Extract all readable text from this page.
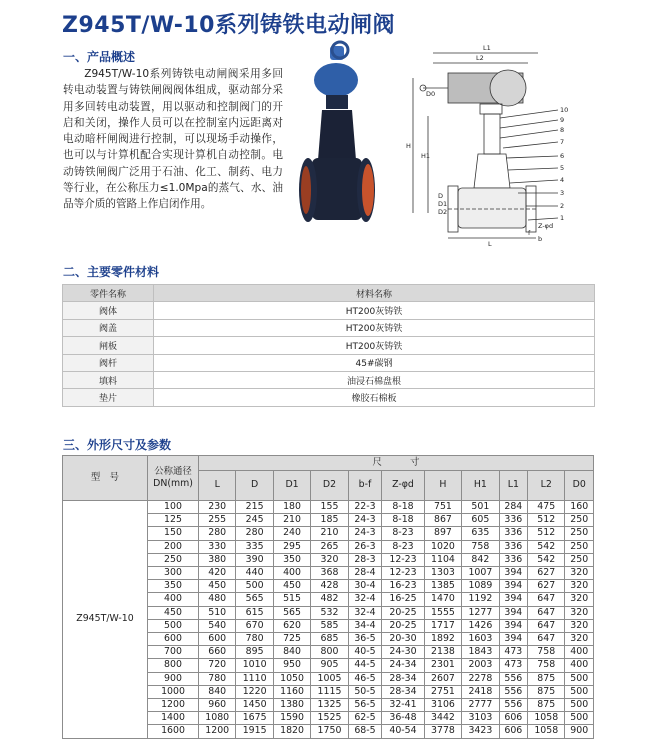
Z945T/W-10系列铸铁电动闸阀
一、产品概述

Z945T/W-10系列铸铁电动闸阀采用多回转电动装置与铸铁闸阀阀体组成，驱动部分采用多回转电动装置，用以驱动和控制阀门的开启和关闭，操作人员可以在控制室内远距离对电动暗杆闸阀进行控制，可以现场手动操作，也可以与计算机配合实现计算机自动控制。电动铸铁闸阀广泛用于石油、化工、制药、电力等行业，在公称压力≤1.0Mpa的蒸气、水、油品等介质的管路上作启闭作用。

L1
L2
D0
H
H1
D
D1
D2
b
f
L
Z-φd
10
9
8
7
6
5
4
3
2
1
二、主要零件材料
零件名称	材料名称
阀体	HT200灰铸铁
阀盖	HT200灰铸铁
闸板	HT200灰铸铁
阀杆	45#碳钢
填料	油浸石棉盘根
垫片	橡胶石棉板
三、外形尺寸及参数
型　号	公称通径DN(mm)	尺　　　寸										
		L	D	D1	D2	b-f	Z-φd	H	H1	L1	L2	D0
Z945T/W-10	100	230	215	180	155	22-3	8-18	751	501	284	475	160
	125	255	245	210	185	24-3	8-18	867	605	336	512	250
	150	280	280	240	210	24-3	8-23	897	635	336	512	250
	200	330	335	295	265	26-3	8-23	1020	758	336	542	250
	250	380	390	350	320	28-3	12-23	1104	842	336	542	250
	300	420	440	400	368	28-4	12-23	1303	1007	394	627	320
	350	450	500	450	428	30-4	16-23	1385	1089	394	627	320
	400	480	565	515	482	32-4	16-25	1470	1192	394	647	320
	450	510	615	565	532	32-4	20-25	1555	1277	394	647	320
	500	540	670	620	585	34-4	20-25	1717	1426	394	647	320
	600	600	780	725	685	36-5	20-30	1892	1603	394	647	320
	700	660	895	840	800	40-5	24-30	2138	1843	473	758	400
	800	720	1010	950	905	44-5	24-34	2301	2003	473	758	400
	900	780	1110	1050	1005	46-5	28-34	2607	2278	556	875	500
	1000	840	1220	1160	1115	50-5	28-34	2751	2418	556	875	500
	1200	960	1450	1380	1325	56-5	32-41	3106	2777	556	875	500
	1400	1080	1675	1590	1525	62-5	36-48	3442	3103	606	1058	500
	1600	1200	1915	1820	1750	68-5	40-54	3778	3423	606	1058	900
